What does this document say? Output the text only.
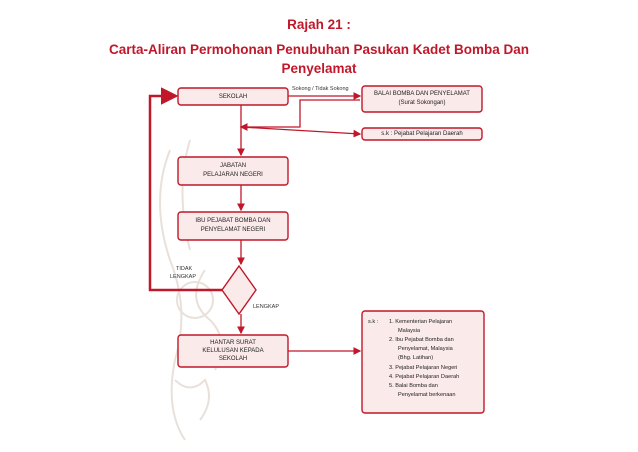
Rajah 21 :
Carta-Aliran Permohonan Penubuhan Pasukan Kadet Bomba Dan
Penyelamat
SEKOLAH	BALAI BOMBA DAN PENYELAMAT
(Surat Sokongan)
s.k : Pejabat Pelajaran Daerah
JABATAN
PELAJARAN NEGERI
IBU PEJABAT BOMBA DAN
PENYELAMAT NEGERI
HANTAR SURAT
KELULUSAN KEPADA
SEKOLAH
Sokong / Tidak Sokong
TIDAK
LENGKAP
LENGKAP
s.k : 1. Kementerian Pelajaran
Malaysia
2. Ibu Pejabat Bomba dan
Penyelamat, Malaysia
(Bhg. Latihan)
3. Pejabat Pelajaran Negeri
4. Pejabat Pelajaran Daerah
5. Balai Bomba dan
Penyelamat berkenaan
